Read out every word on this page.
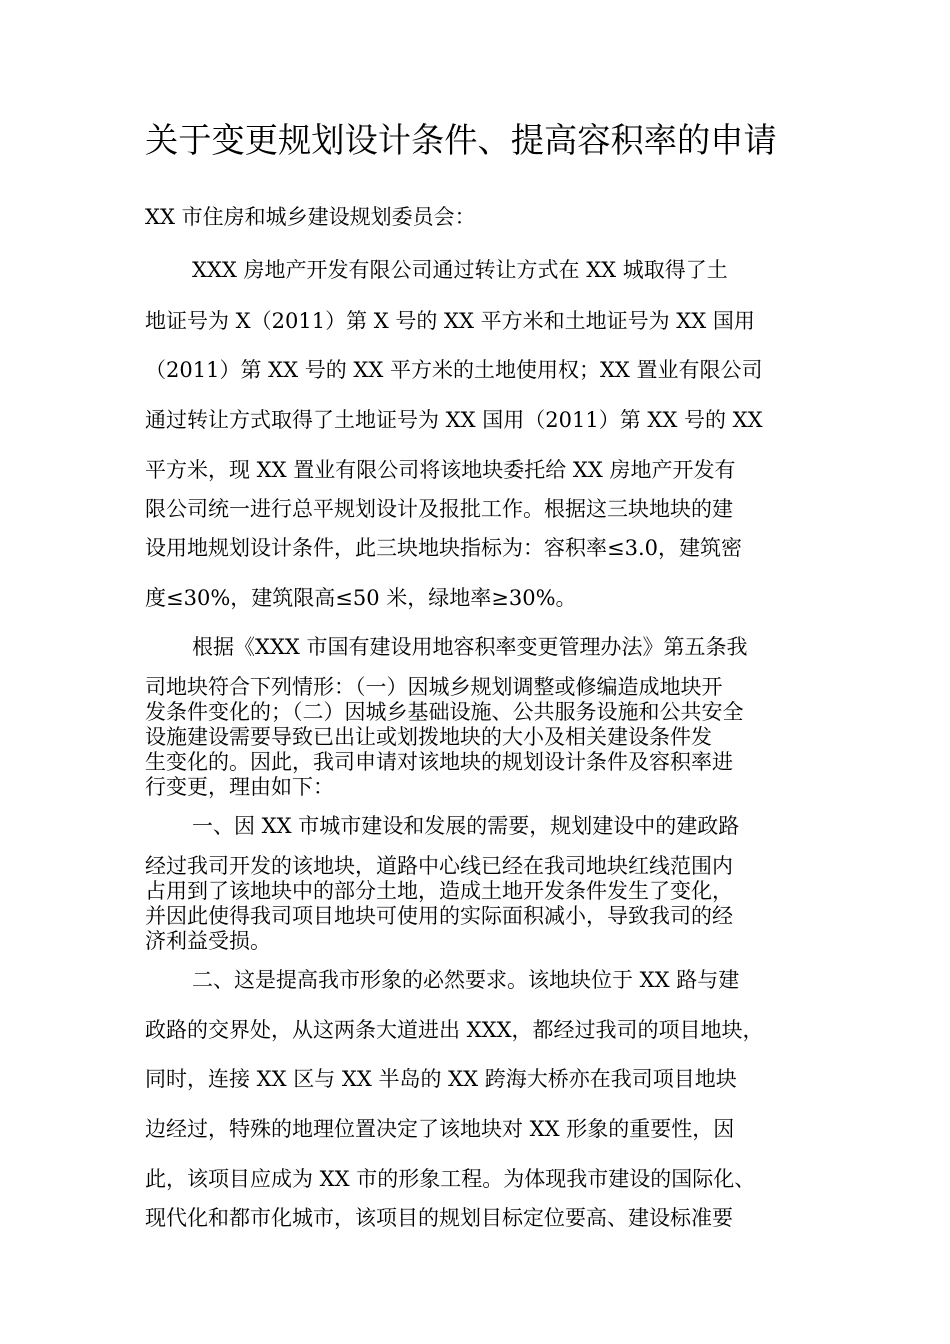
关于变更规划设计条件、提高容积率的申请
XX 市住房和城乡建设规划委员会：
XXX 房地产开发有限公司通过转让方式在 XX 城取得了土
地证号为 X（2011）第 X 号的 XX 平方米和土地证号为 XX 国用
（2011）第 XX 号的 XX 平方米的土地使用权；XX 置业有限公司
通过转让方式取得了土地证号为 XX 国用（2011）第 XX 号的 XX
平方米，现 XX 置业有限公司将该地块委托给 XX 房地产开发有
限公司统一进行总平规划设计及报批工作。根据这三块地块的建
设用地规划设计条件，此三块地块指标为：容积率≤3.0，建筑密
度≤30%，建筑限高≤50 米，绿地率≥30%。
根据《XXX 市国有建设用地容积率变更管理办法》第五条我
司地块符合下列情形：（一）因城乡规划调整或修编造成地块开
发条件变化的；（二）因城乡基础设施、公共服务设施和公共安全
设施建设需要导致已出让或划拨地块的大小及相关建设条件发
生变化的。因此，我司申请对该地块的规划设计条件及容积率进
行变更，理由如下：
一、因 XX 市城市建设和发展的需要，规划建设中的建政路
经过我司开发的该地块，道路中心线已经在我司地块红线范围内
占用到了该地块中的部分土地，造成土地开发条件发生了变化，
并因此使得我司项目地块可使用的实际面积减小，导致我司的经
济利益受损。
二、这是提高我市形象的必然要求。该地块位于 XX 路与建
政路的交界处，从这两条大道进出 XXX，都经过我司的项目地块，
同时，连接 XX 区与 XX 半岛的 XX 跨海大桥亦在我司项目地块
边经过，特殊的地理位置决定了该地块对 XX 形象的重要性，因
此，该项目应成为 XX 市的形象工程。为体现我市建设的国际化、
现代化和都市化城市，该项目的规划目标定位要高、建设标准要
